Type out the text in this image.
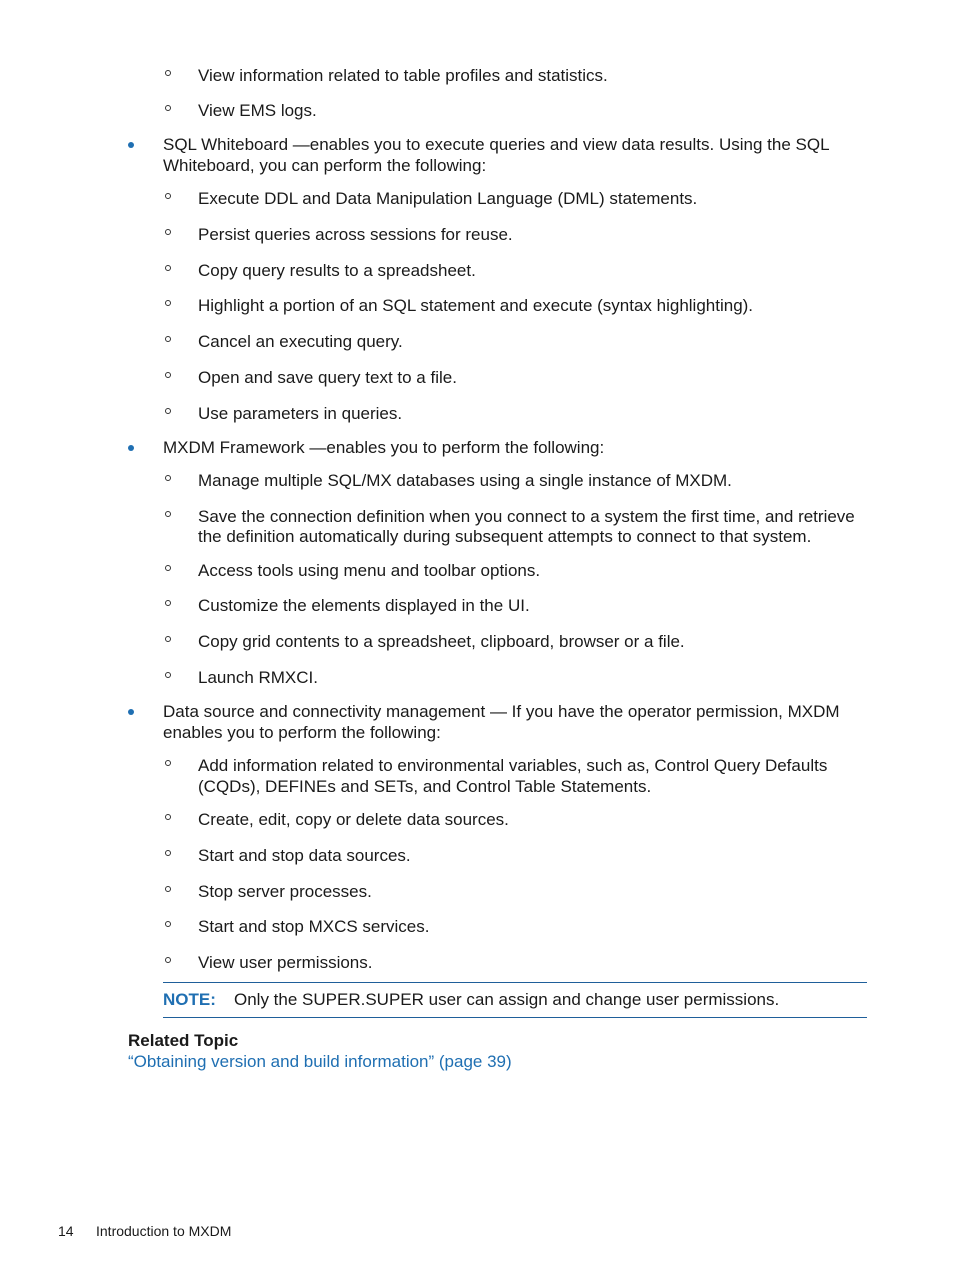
View information related to table profiles and statistics.
View EMS logs.
SQL Whiteboard —enables you to execute queries and view data results. Using the SQL
Whiteboard, you can perform the following:
Execute DDL and Data Manipulation Language (DML) statements.
Persist queries across sessions for reuse.
Copy query results to a spreadsheet.
Highlight a portion of an SQL statement and execute (syntax highlighting).
Cancel an executing query.
Open and save query text to a file.
Use parameters in queries.
MXDM Framework —enables you to perform the following:
Manage multiple SQL/MX databases using a single instance of MXDM.
Save the connection definition when you connect to a system the first time, and retrieve
the definition automatically during subsequent attempts to connect to that system.
Access tools using menu and toolbar options.
Customize the elements displayed in the UI.
Copy grid contents to a spreadsheet, clipboard, browser or a file.
Launch RMXCI.
Data source and connectivity management — If you have the operator permission, MXDM
enables you to perform the following:
Add information related to environmental variables, such as, Control Query Defaults
(CQDs), DEFINEs and SETs, and Control Table Statements.
Create, edit, copy or delete data sources.
Start and stop data sources.
Stop server processes.
Start and stop MXCS services.
View user permissions.
NOTE: Only the SUPER.SUPER user can assign and change user permissions.
Related Topic
“Obtaining version and build information” (page 39)
14 Introduction to MXDM
